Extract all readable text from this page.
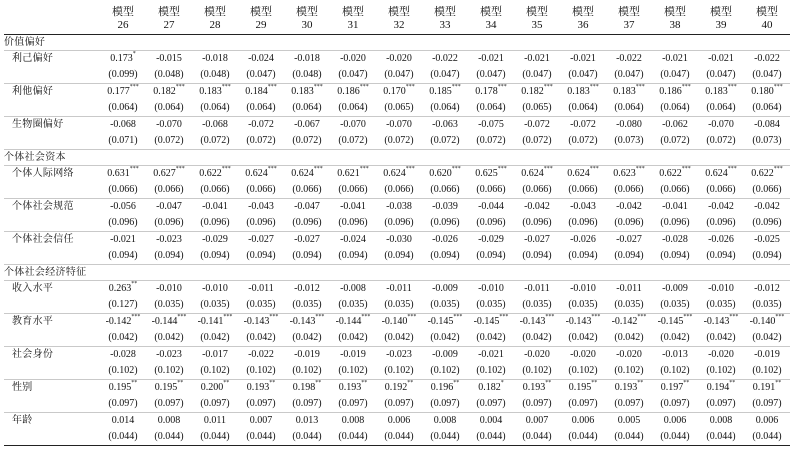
	模型	模型	模型	模型	模型	模型	模型	模型	模型	模型	模型	模型	模型	模型	模型
	26	27	28	29	30	31	32	33	34	35	36	37	38	39	40
价值偏好															
利己偏好	0.173*	-0.015	-0.018	-0.024	-0.018	-0.020	-0.020	-0.022	-0.021	-0.021	-0.021	-0.022	-0.021	-0.021	-0.022
	(0.099)	(0.048)	(0.048)	(0.047)	(0.048)	(0.047)	(0.047)	(0.047)	(0.047)	(0.047)	(0.047)	(0.047)	(0.047)	(0.047)	(0.047)
利他偏好	0.177***	0.182***	0.183***	0.184***	0.183***	0.186***	0.170***	0.185***	0.178***	0.182***	0.183***	0.183***	0.186***	0.183***	0.180***
	(0.064)	(0.064)	(0.064)	(0.064)	(0.064)	(0.064)	(0.065)	(0.064)	(0.064)	(0.065)	(0.064)	(0.064)	(0.064)	(0.064)	(0.064)
生物圈偏好	-0.068	-0.070	-0.068	-0.072	-0.067	-0.070	-0.070	-0.063	-0.075	-0.072	-0.072	-0.080	-0.062	-0.070	-0.084
	(0.071)	(0.072)	(0.072)	(0.072)	(0.072)	(0.072)	(0.072)	(0.072)	(0.072)	(0.072)	(0.072)	(0.073)	(0.072)	(0.072)	(0.073)
个体社会资本															
个体人际网络	0.631***	0.627***	0.622***	0.624***	0.624***	0.621***	0.624***	0.620***	0.625***	0.624***	0.624***	0.623***	0.622***	0.624***	0.622***
	(0.066)	(0.066)	(0.066)	(0.066)	(0.066)	(0.066)	(0.066)	(0.066)	(0.066)	(0.066)	(0.066)	(0.066)	(0.066)	(0.066)	(0.066)
个体社会规范	-0.056	-0.047	-0.041	-0.043	-0.047	-0.041	-0.038	-0.039	-0.044	-0.042	-0.043	-0.042	-0.041	-0.042	-0.042
	(0.096)	(0.096)	(0.096)	(0.096)	(0.096)	(0.096)	(0.096)	(0.096)	(0.096)	(0.096)	(0.096)	(0.096)	(0.096)	(0.096)	(0.096)
个体社会信任	-0.021	-0.023	-0.029	-0.027	-0.027	-0.024	-0.030	-0.026	-0.029	-0.027	-0.026	-0.027	-0.028	-0.026	-0.025
	(0.094)	(0.094)	(0.094)	(0.094)	(0.094)	(0.094)	(0.094)	(0.094)	(0.094)	(0.094)	(0.094)	(0.094)	(0.094)	(0.094)	(0.094)
个体社会经济特征															
收入水平	0.263**	-0.010	-0.010	-0.011	-0.012	-0.008	-0.011	-0.009	-0.010	-0.011	-0.010	-0.011	-0.009	-0.010	-0.012
	(0.127)	(0.035)	(0.035)	(0.035)	(0.035)	(0.035)	(0.035)	(0.035)	(0.035)	(0.035)	(0.035)	(0.035)	(0.035)	(0.035)	(0.035)
教育水平	-0.142***	-0.144***	-0.141***	-0.143***	-0.143***	-0.144***	-0.140***	-0.145***	-0.145***	-0.143***	-0.143***	-0.142***	-0.145***	-0.143***	-0.140***
	(0.042)	(0.042)	(0.042)	(0.042)	(0.042)	(0.042)	(0.042)	(0.042)	(0.042)	(0.042)	(0.042)	(0.042)	(0.042)	(0.042)	(0.042)
社会身份	-0.028	-0.023	-0.017	-0.022	-0.019	-0.019	-0.023	-0.009	-0.021	-0.020	-0.020	-0.020	-0.013	-0.020	-0.019
	(0.102)	(0.102)	(0.102)	(0.102)	(0.102)	(0.102)	(0.102)	(0.102)	(0.102)	(0.102)	(0.102)	(0.102)	(0.102)	(0.102)	(0.102)
性别	0.195**	0.195**	0.200**	0.193**	0.198**	0.193**	0.192**	0.196**	0.182*	0.193**	0.195**	0.193**	0.197**	0.194**	0.191**
	(0.097)	(0.097)	(0.097)	(0.097)	(0.097)	(0.097)	(0.097)	(0.097)	(0.097)	(0.097)	(0.097)	(0.097)	(0.097)	(0.097)	(0.097)
年龄	0.014	0.008	0.011	0.007	0.013	0.008	0.006	0.008	0.004	0.007	0.006	0.005	0.006	0.008	0.006
	(0.044)	(0.044)	(0.044)	(0.044)	(0.044)	(0.044)	(0.044)	(0.044)	(0.044)	(0.044)	(0.044)	(0.044)	(0.044)	(0.044)	(0.044)
